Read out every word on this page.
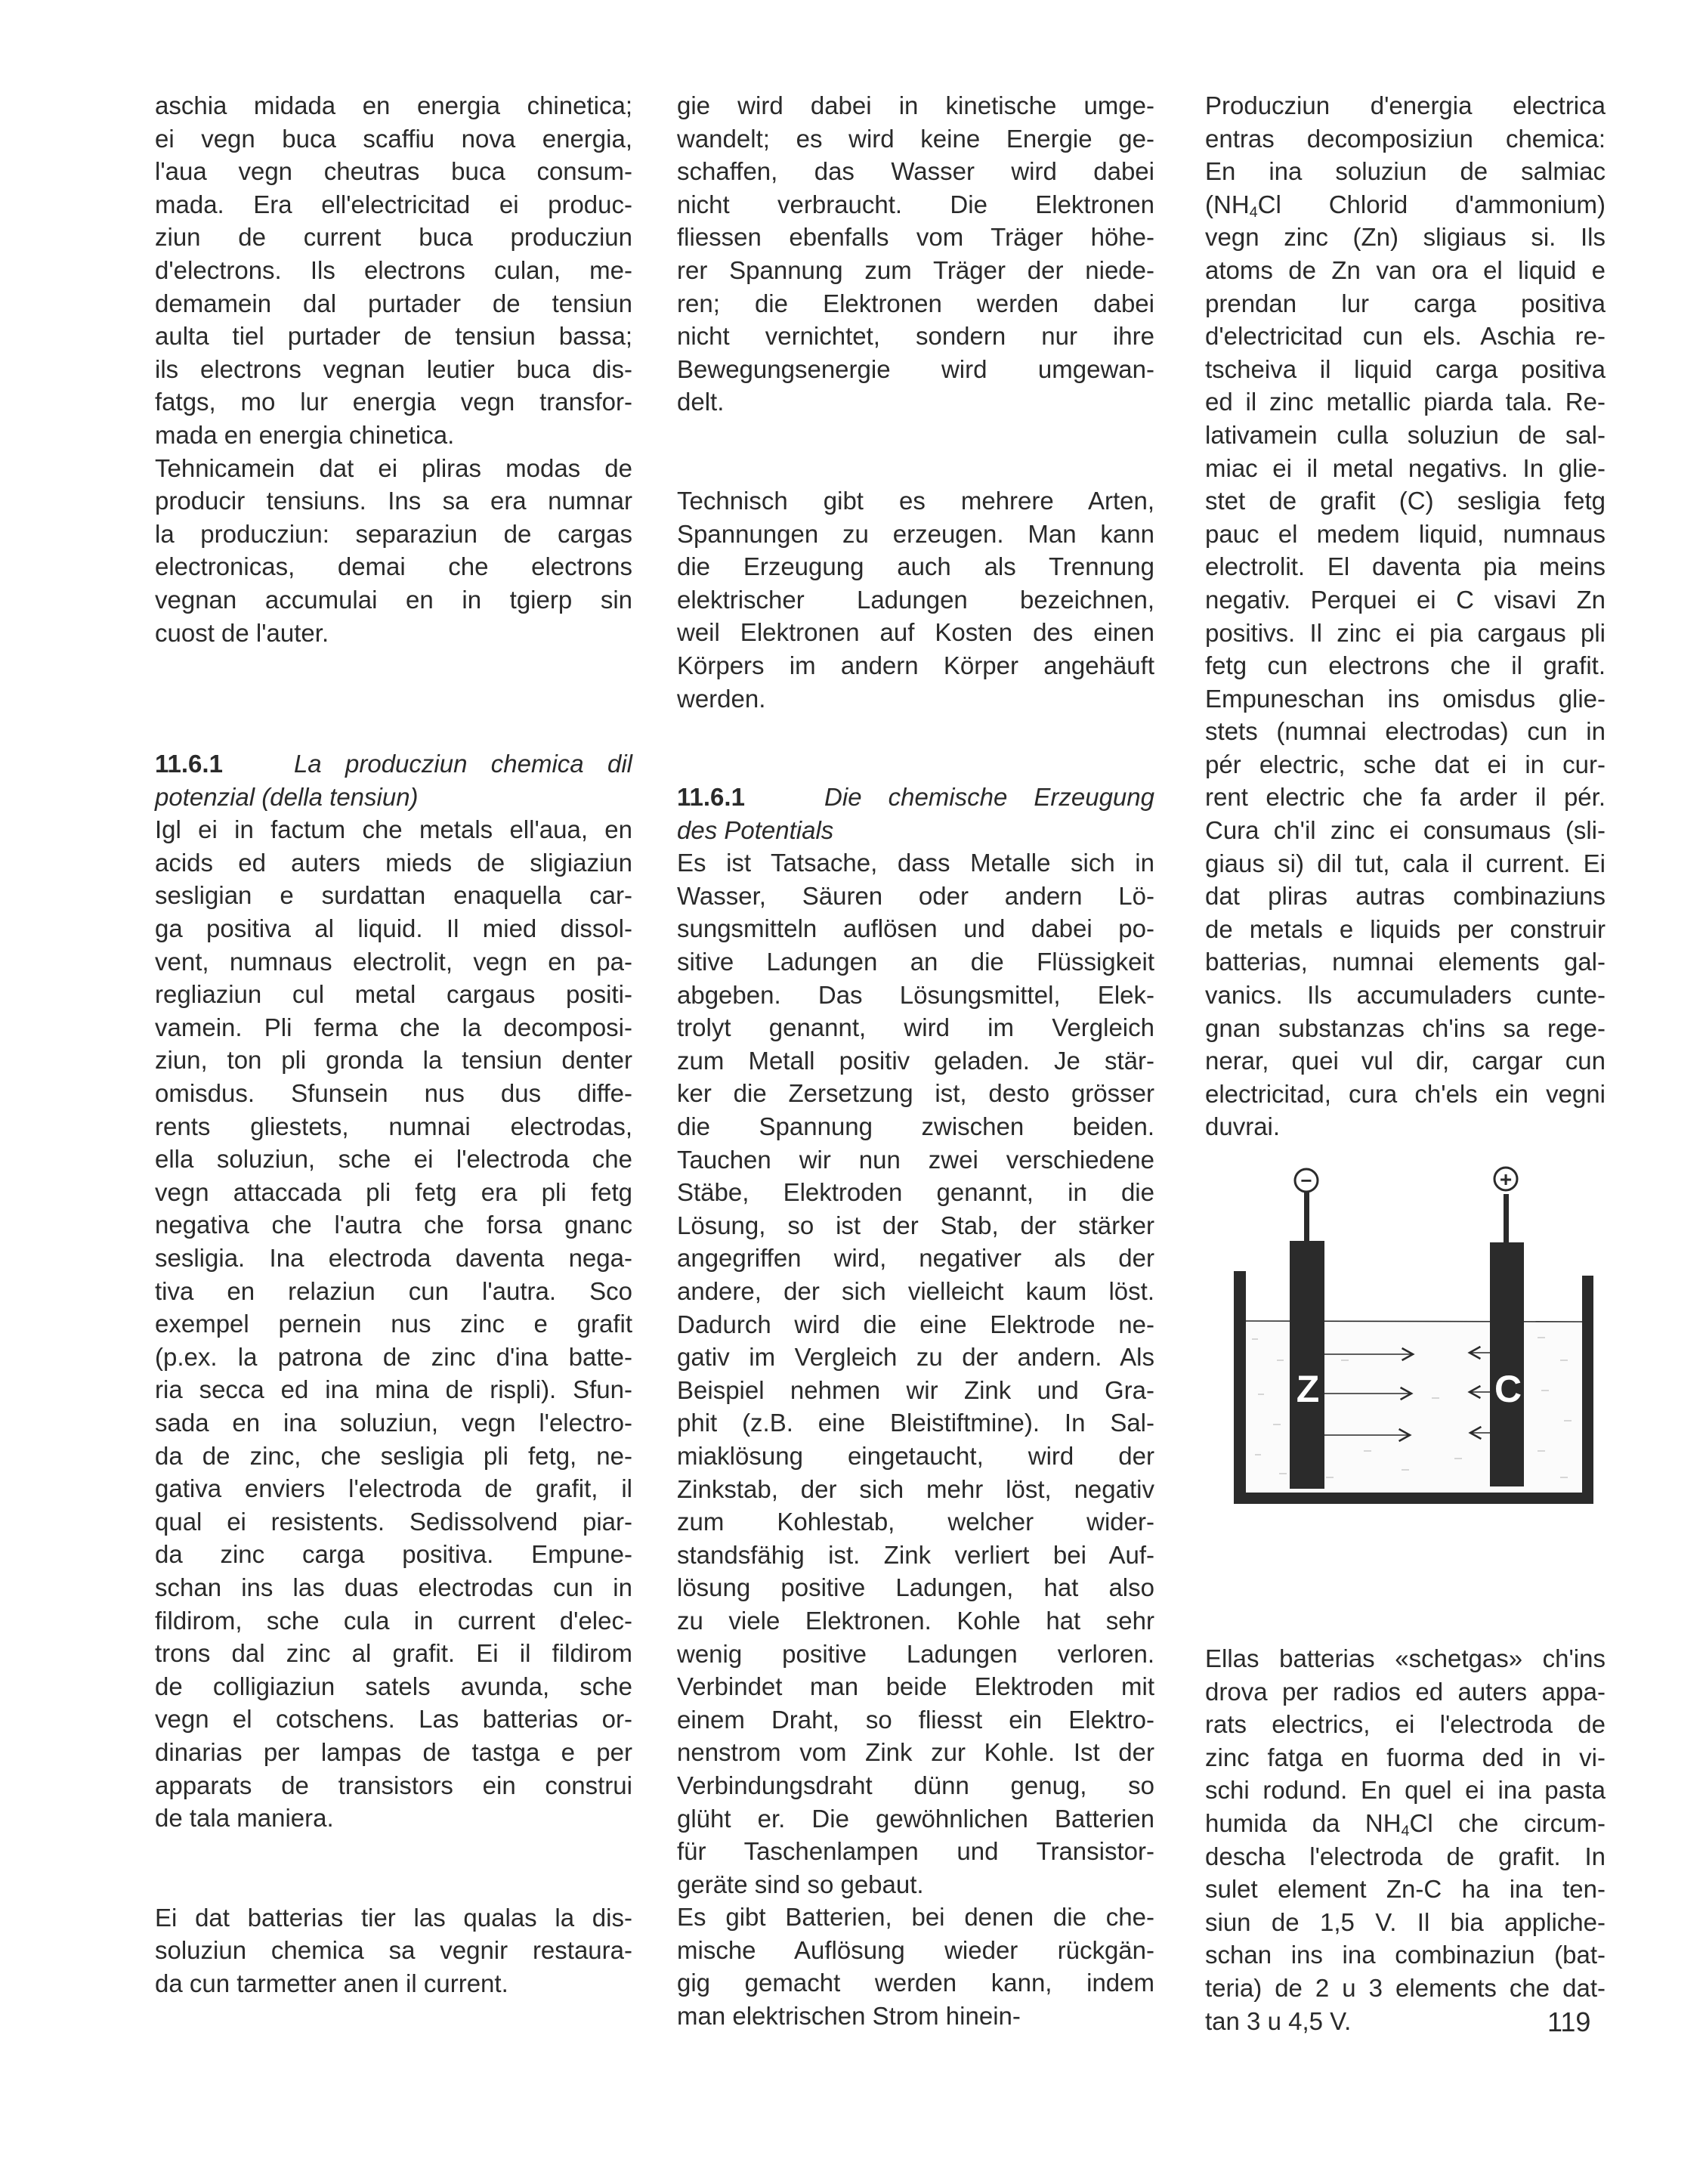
aschia midada en energia chinetica;
ei vegn buca scaffiu nova energia,
l'aua vegn cheutras buca consum-
mada. Era ell'electricitad ei produc-
ziun de current buca producziun
d'electrons. Ils electrons culan, me-
demamein dal purtader de tensiun
aulta tiel purtader de tensiun bassa;
ils electrons vegnan leutier buca dis-
fatgs, mo lur energia vegn transfor-
mada en energia chinetica.
Tehnicamein dat ei pliras modas de
producir tensiuns. Ins sa era numnar
la producziun: separaziun de cargas
electronicas, demai che electrons
vegnan accumulai en in tgierp sin
cuost de l'auter.
11.6.1	La producziun chemica dil
potenzial (della tensiun)
Igl ei in factum che metals ell'aua, en
acids ed auters mieds de sligiaziun
sesligian e surdattan enaquella car-
ga positiva al liquid. Il mied dissol-
vent, numnaus electrolit, vegn en pa-
regliaziun cul metal cargaus positi-
vamein. Pli ferma che la decomposi-
ziun, ton pli gronda la tensiun denter
omisdus. Sfunsein nus dus diffe-
rents gliestets, numnai electrodas,
ella soluziun, sche ei l'electroda che
vegn attaccada pli fetg era pli fetg
negativa che l'autra che forsa gnanc
sesligia. Ina electroda daventa nega-
tiva en relaziun cun l'autra. Sco
exempel pernein nus zinc e grafit
(p.ex. la patrona de zinc d'ina batte-
ria secca ed ina mina de rispli). Sfun-
sada en ina soluziun, vegn l'electro-
da de zinc, che sesligia pli fetg, ne-
gativa enviers l'electroda de grafit, il
qual ei resistents. Sedissolvend piar-
da zinc carga positiva. Empune-
schan ins las duas electrodas cun in
fildirom, sche cula in current d'elec-
trons dal zinc al grafit. Ei il fildirom
de colligiaziun satels avunda, sche
vegn el cotschens. Las batterias or-
dinarias per lampas de tastga e per
apparats de transistors ein construi
de tala maniera.
Ei dat batterias tier las qualas la dis-
soluziun chemica sa vegnir restaura-
da cun tarmetter anen il current.
gie wird dabei in kinetische umge-
wandelt; es wird keine Energie ge-
schaffen, das Wasser wird dabei
nicht verbraucht. Die Elektronen
fliessen ebenfalls vom Träger höhe-
rer Spannung zum Träger der niede-
ren; die Elektronen werden dabei
nicht vernichtet, sondern nur ihre
Bewegungsenergie wird umgewan-
delt.
Technisch gibt es mehrere Arten,
Spannungen zu erzeugen. Man kann
die Erzeugung auch als Trennung
elektrischer Ladungen bezeichnen,
weil Elektronen auf Kosten des einen
Körpers im andern Körper angehäuft
werden.
11.6.1	Die chemische Erzeugung
des Potentials
Es ist Tatsache, dass Metalle sich in
Wasser, Säuren oder andern Lö-
sungsmitteln auflösen und dabei po-
sitive Ladungen an die Flüssigkeit
abgeben. Das Lösungsmittel, Elek-
trolyt genannt, wird im Vergleich
zum Metall positiv geladen. Je stär-
ker die Zersetzung ist, desto grösser
die Spannung zwischen beiden.
Tauchen wir nun zwei verschiedene
Stäbe, Elektroden genannt, in die
Lösung, so ist der Stab, der stärker
angegriffen wird, negativer als der
andere, der sich vielleicht kaum löst.
Dadurch wird die eine Elektrode ne-
gativ im Vergleich zu der andern. Als
Beispiel nehmen wir Zink und Gra-
phit (z.B. eine Bleistiftmine). In Sal-
miaklösung eingetaucht, wird der
Zinkstab, der sich mehr löst, negativ
zum Kohlestab, welcher wider-
standsfähig ist. Zink verliert bei Auf-
lösung positive Ladungen, hat also
zu viele Elektronen. Kohle hat sehr
wenig positive Ladungen verloren.
Verbindet man beide Elektroden mit
einem Draht, so fliesst ein Elektro-
nenstrom vom Zink zur Kohle. Ist der
Verbindungsdraht dünn genug, so
glüht er. Die gewöhnlichen Batterien
für Taschenlampen und Transistor-
geräte sind so gebaut.
Es gibt Batterien, bei denen die che-
mische Auflösung wieder rückgän-
gig gemacht werden kann, indem
man elektrischen Strom hinein-
Producziun d'energia electrica
entras decomposiziun chemica:
En ina soluziun de salmiac
($NH_4Cl$ Chlorid d'ammonium)
vegn zinc (Zn) sligiaus si. Ils
atoms de Zn van ora el liquid e
prendan lur carga positiva
d'electricitad cun els. Aschia re-
tscheiva il liquid carga positiva
ed il zinc metallic piarda tala. Re-
lativamein culla soluziun de sal-
miac ei il metal negativs. In glie-
stet de grafit (C) sesligia fetg
pauc el medem liquid, numnaus
electrolit. El daventa pia meins
negativ. Perquei ei C visavi Zn
positivs. Il zinc ei pia cargaus pli
fetg cun electrons che il grafit.
Empuneschan ins omisdus glie-
stets (numnai electrodas) cun in
pér electric, sche dat ei in cur-
rent electric che fa arder il pér.
Cura ch'il zinc ei consumaus (sli-
giaus si) dil tut, cala il current. Ei
dat pliras autras combinaziuns
de metals e liquids per construir
batterias, numnai elements gal-
vanics. Ils accumuladers cunte-
gnan substanzas ch'ins sa rege-
nerar, quei vul dir, cargar cun
electricitad, cura ch'els ein vegni
duvrai.
−
Z
+
C
Ellas batterias «schetgas» ch'ins
drova per radios ed auters appa-
rats electrics, ei l'electroda de
zinc fatga en fuorma ded in vi-
schi rodund. En quel ei ina pasta
humida da $NH_4Cl$ che circum-
descha l'electroda de grafit. In
sulet element Zn-C ha ina ten-
siun de 1,5 V. Il bia appliche-
schan ins ina combinaziun (bat-
teria) de 2 u 3 elements che dat-
tan 3 u 4,5 V.	119
